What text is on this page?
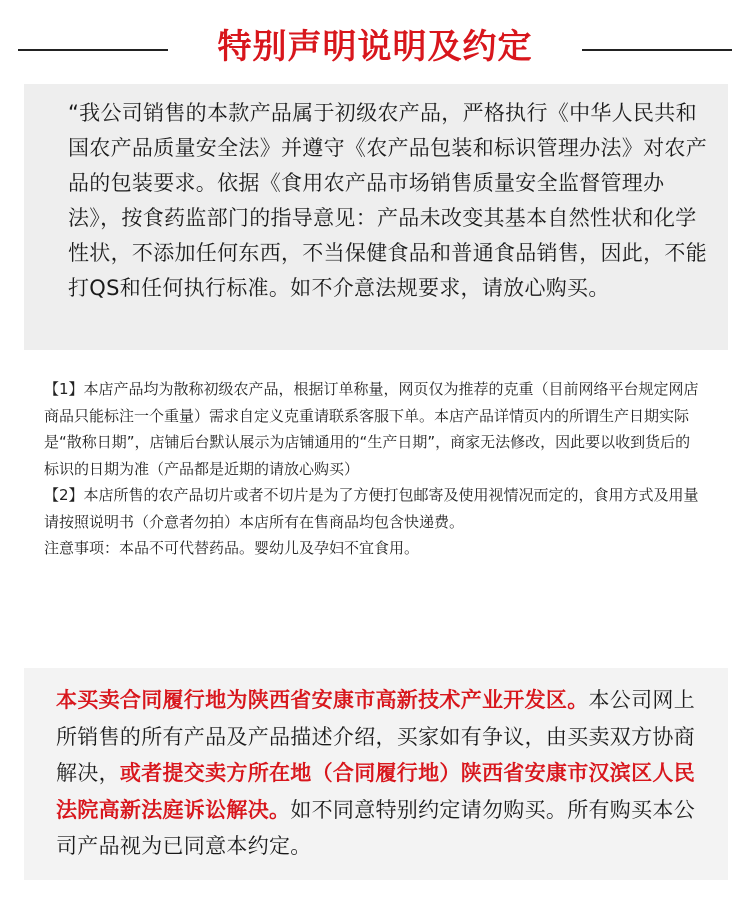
特别声明说明及约定

“我公司销售的本款产品属于初级农产品，严格执行《中华人民共和国农产品质量安全法》并遵守《农产品包装和标识管理办法》对农产品的包装要求。依据《食用农产品市场销售质量安全监督管理办法》，按食药监部门的指导意见：产品未改变其基本自然性状和化学性状，不添加任何东西，不当保健食品和普通食品销售，因此，不能打QS和任何执行标准。如不介意法规要求，请放心购买。

【1】本店产品均为散称初级农产品，根据订单称量，网页仅为推荐的克重（目前网络平台规定网店商品只能标注一个重量）需求自定义克重请联系客服下单。本店产品详情页内的所谓生产日期实际是“散称日期”，店铺后台默认展示为店铺通用的“生产日期”，商家无法修改，因此要以收到货后的标识的日期为准（产品都是近期的请放心购买）

【2】本店所售的农产品切片或者不切片是为了方便打包邮寄及使用视情况而定的，食用方式及用量请按照说明书（介意者勿拍）本店所有在售商品均包含快递费。

注意事项：本品不可代替药品。婴幼儿及孕妇不宜食用。

本买卖合同履行地为陕西省安康市高新技术产业开发区。本公司网上所销售的所有产品及产品描述介绍，买家如有争议，由买卖双方协商解决，或者提交卖方所在地（合同履行地）陕西省安康市汉滨区人民法院高新法庭诉讼解决。如不同意特别约定请勿购买。所有购买本公司产品视为已同意本约定。
